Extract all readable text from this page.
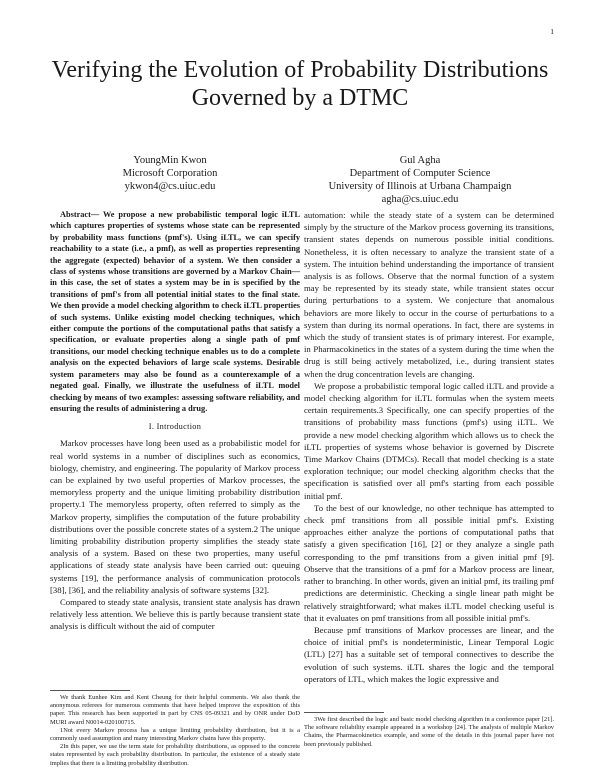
1
Verifying the Evolution of Probability Distributions Governed by a DTMC
YoungMin Kwon
Microsoft Corporation
ykwon4@cs.uiuc.edu
Gul Agha
Department of Computer Science
University of Illinois at Urbana Champaign
agha@cs.uiuc.edu

Abstract— We propose a new probabilistic temporal logic iLTL which captures properties of systems whose state can be represented by probability mass functions (pmf's). Using iLTL, we can specify reachability to a state (i.e., a pmf), as well as properties representing the aggregate (expected) behavior of a system. We then consider a class of systems whose transitions are governed by a Markov Chain—in this case, the set of states a system may be in is specified by the transitions of pmf's from all potential initial states to the final state. We then provide a model checking algorithm to check iLTL properties of such systems. Unlike existing model checking techniques, which either compute the portions of the computational paths that satisfy a specification, or evaluate properties along a single path of pmf transitions, our model checking technique enables us to do a complete analysis on the expected behaviors of large scale systems. Desirable system parameters may also be found as a counterexample of a negated goal. Finally, we illustrate the usefulness of iLTL model checking by means of two examples: assessing software reliability, and ensuring the results of administering a drug.

I. Introduction

Markov processes have long been used as a probabilistic model for real world systems in a number of disciplines such as economics, biology, chemistry, and engineering. The popularity of Markov process can be explained by two useful properties of Markov processes, the memoryless property and the unique limiting probability distribution property.1 The memoryless property, often referred to simply as the Markov property, simplifies the computation of the future probability distributions over the possible concrete states of a system.2 The unique limiting probability distribution property simplifies the steady state analysis of a system. Based on these two properties, many useful applications of steady state analysis have been carried out: queuing systems [19], the performance analysis of communication protocols [38], [36], and the reliability analysis of software systems [32].

Compared to steady state analysis, transient state analysis has drawn relatively less attention. We believe this is partly because transient state analysis is difficult without the aid of computer

automation: while the steady state of a system can be determined simply by the structure of the Markov process governing its transitions, transient states depends on numerous possible initial conditions. Nonetheless, it is often necessary to analyze the transient state of a system. The intuition behind understanding the importance of transient analysis is as follows. Observe that the normal function of a system may be represented by its steady state, while transient states occur during perturbations to a system. We conjecture that anomalous behaviors are more likely to occur in the course of perturbations to a system than during its normal operations. In fact, there are systems in which the study of transient states is of primary interest. For example, in Pharmacokinetics in the states of a system during the time when the drug is still being actively metabolized, i.e., during transient states when the drug concentration levels are changing.

We propose a probabilistic temporal logic called iLTL and provide a model checking algorithm for iLTL formulas when the system meets certain requirements.3 Specifically, one can specify properties of the transitions of probability mass functions (pmf's) using iLTL. We provide a new model checking algorithm which allows us to check the iLTL properties of systems whose behavior is governed by Discrete Time Markov Chains (DTMCs). Recall that model checking is a state exploration technique; our model checking algorithm checks that the specification is satisfied over all pmf's starting from each possible initial pmf.

To the best of our knowledge, no other technique has attempted to check pmf transitions from all possible initial pmf's. Existing approaches either analyze the portions of computational paths that satisfy a given specification [16], [2] or they analyze a single path corresponding to the pmf transitions from a given initial pmf [9]. Observe that the transitions of a pmf for a Markov process are linear, rather to branching. In other words, given an initial pmf, its trailing pmf predictions are deterministic. Checking a single linear path might be relatively straightforward; what makes iLTL model checking useful is that it evaluates on pmf transitions from all possible initial pmf's.

Because pmf transitions of Markov processes are linear, and the choice of initial pmf's is nondeterministic, Linear Temporal Logic (LTL) [27] has a suitable set of temporal connectives to describe the evolution of such systems. iLTL shares the logic and the temporal operators of LTL, which makes the logic expressive and

We thank Eunhee Kim and Kent Cheung for their helpful comments. We also thank the anonymous referees for numerous comments that have helped improve the exposition of this paper. This research has been supported in part by CNS 05-09321 and by ONR under DoD MURI award N0014-020100715.

1Not every Markov process has a unique limiting probability distribution, but it is a commonly used assumption and many interesting Markov chains have this property.

2In this paper, we use the term state for probability distributions, as opposed to the concrete states represented by each probability distribution. In particular, the existence of a steady state implies that there is a limiting probability distribution.

3We first described the logic and basic model checking algorithm in a conference paper [21]. The software reliability example appeared in a workshop [24]. The analysis of multiple Markov Chains, the Pharmacokinetics example, and some of the details in this journal paper have not been previously published.
